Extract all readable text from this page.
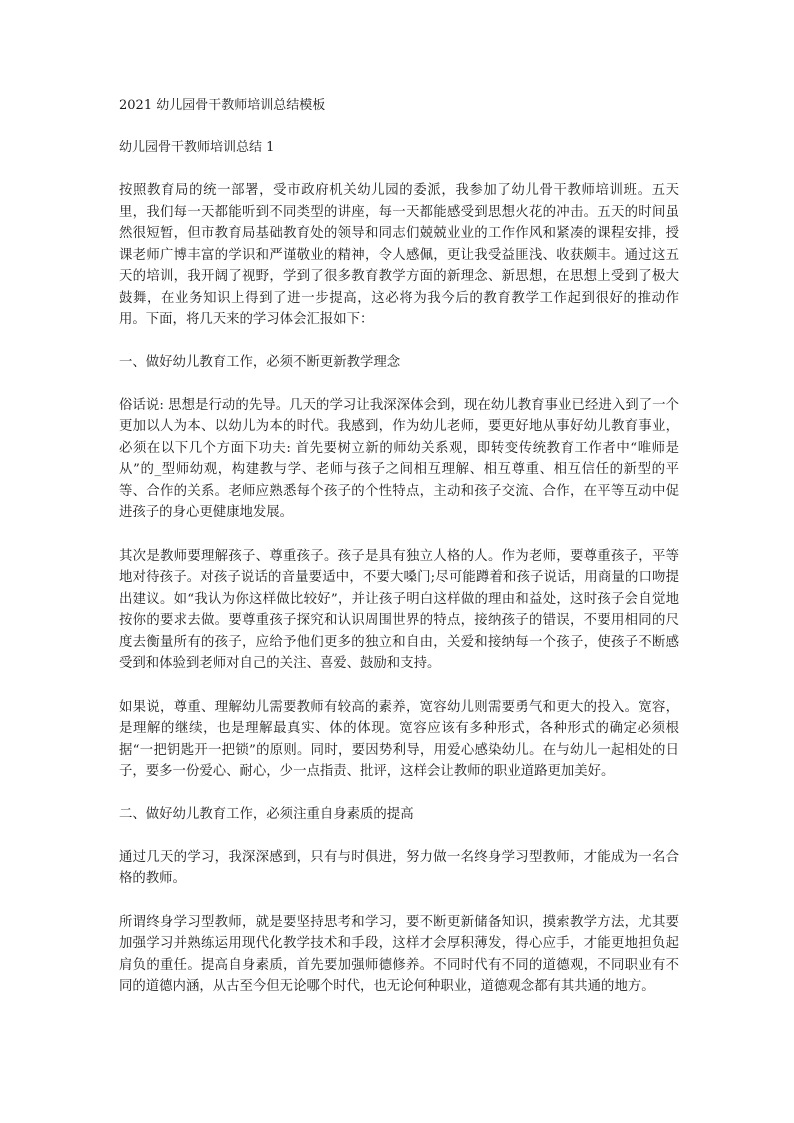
2021 幼儿园骨干教师培训总结模板
幼儿园骨干教师培训总结 1

按照教育局的统一部署，受市政府机关幼儿园的委派，我参加了幼儿骨干教师培训班。五天里，我们每一天都能听到不同类型的讲座，每一天都能感受到思想火花的冲击。五天的时间虽然很短暂，但市教育局基础教育处的领导和同志们兢兢业业的工作作风和紧凑的课程安排，授课老师广博丰富的学识和严谨敬业的精神，令人感佩，更让我受益匪浅、收获颇丰。通过这五天的培训，我开阔了视野，学到了很多教育教学方面的新理念、新思想，在思想上受到了极大鼓舞，在业务知识上得到了进一步提高，这必将为我今后的教育教学工作起到很好的推动作用。下面，将几天来的学习体会汇报如下：

一、做好幼儿教育工作，必须不断更新教学理念

俗话说: 思想是行动的先导。几天的学习让我深深体会到，现在幼儿教育事业已经进入到了一个更加以人为本、以幼儿为本的时代。我感到，作为幼儿老师，要更好地从事好幼儿教育事业，必须在以下几个方面下功夫: 首先要树立新的师幼关系观，即转变传统教育工作者中“唯师是从”的_型师幼观，构建教与学、老师与孩子之间相互理解、相互尊重、相互信任的新型的平等、合作的关系。老师应熟悉每个孩子的个性特点，主动和孩子交流、合作，在平等互动中促进孩子的身心更健康地发展。

其次是教师要理解孩子、尊重孩子。孩子是具有独立人格的人。作为老师，要尊重孩子，平等地对待孩子。对孩子说话的音量要适中，不要大嗓门;尽可能蹲着和孩子说话，用商量的口吻提出建议。如“我认为你这样做比较好”，并让孩子明白这样做的理由和益处，这时孩子会自觉地按你的要求去做。要尊重孩子探究和认识周围世界的特点，接纳孩子的错误，不要用相同的尺度去衡量所有的孩子，应给予他们更多的独立和自由，关爱和接纳每一个孩子，使孩子不断感受到和体验到老师对自己的关注、喜爱、鼓励和支持。

如果说，尊重、理解幼儿需要教师有较高的素养，宽容幼儿则需要勇气和更大的投入。宽容，是理解的继续，也是理解最真实、体的体现。宽容应该有多种形式，各种形式的确定必须根据“一把钥匙开一把锁”的原则。同时，要因势利导，用爱心感染幼儿。在与幼儿一起相处的日子，要多一份爱心、耐心，少一点指责、批评，这样会让教师的职业道路更加美好。

二、做好幼儿教育工作，必须注重自身素质的提高

通过几天的学习，我深深感到，只有与时俱进，努力做一名终身学习型教师，才能成为一名合格的教师。

所谓终身学习型教师，就是要坚持思考和学习，要不断更新储备知识，摸索教学方法，尤其要加强学习并熟练运用现代化教学技术和手段，这样才会厚积薄发，得心应手，才能更地担负起肩负的重任。提高自身素质，首先要加强师德修养。不同时代有不同的道德观，不同职业有不同的道德内涵，从古至今但无论哪个时代，也无论何种职业，道德观念都有其共通的地方。
